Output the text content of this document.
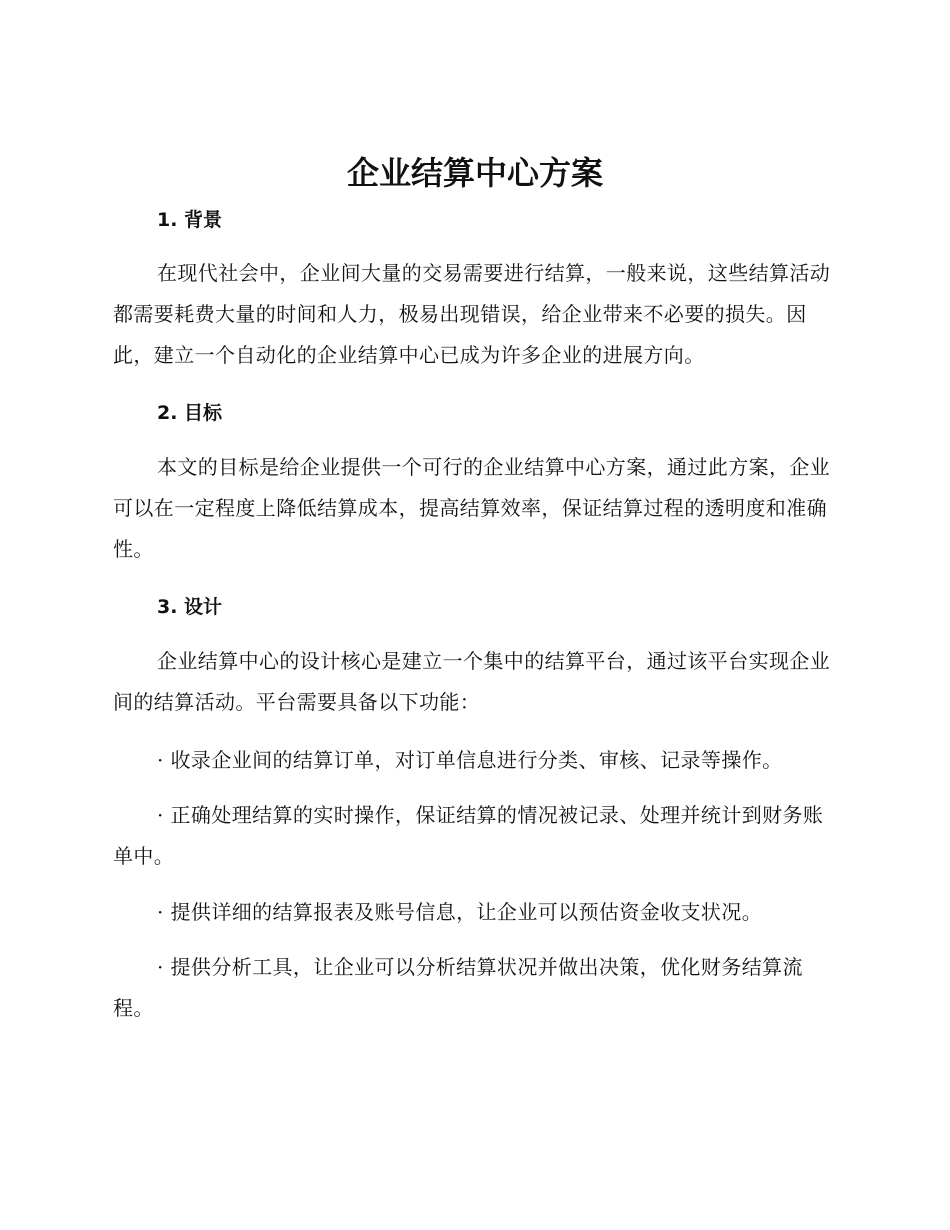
企业结算中心方案
1. 背景

在现代社会中，企业间大量的交易需要进行结算，一般来说，这些结算活动都需要耗费大量的时间和人力，极易出现错误，给企业带来不必要的损失。因此，建立一个自动化的企业结算中心已成为许多企业的进展方向。

2. 目标

本文的目标是给企业提供一个可行的企业结算中心方案，通过此方案，企业可以在一定程度上降低结算成本，提高结算效率，保证结算过程的透明度和准确性。

3. 设计

企业结算中心的设计核心是建立一个集中的结算平台，通过该平台实现企业间的结算活动。平台需要具备以下功能：

· 收录企业间的结算订单，对订单信息进行分类、审核、记录等操作。

· 正确处理结算的实时操作，保证结算的情况被记录、处理并统计到财务账单中。

· 提供详细的结算报表及账号信息，让企业可以预估资金收支状况。

· 提供分析工具，让企业可以分析结算状况并做出决策，优化财务结算流程。
